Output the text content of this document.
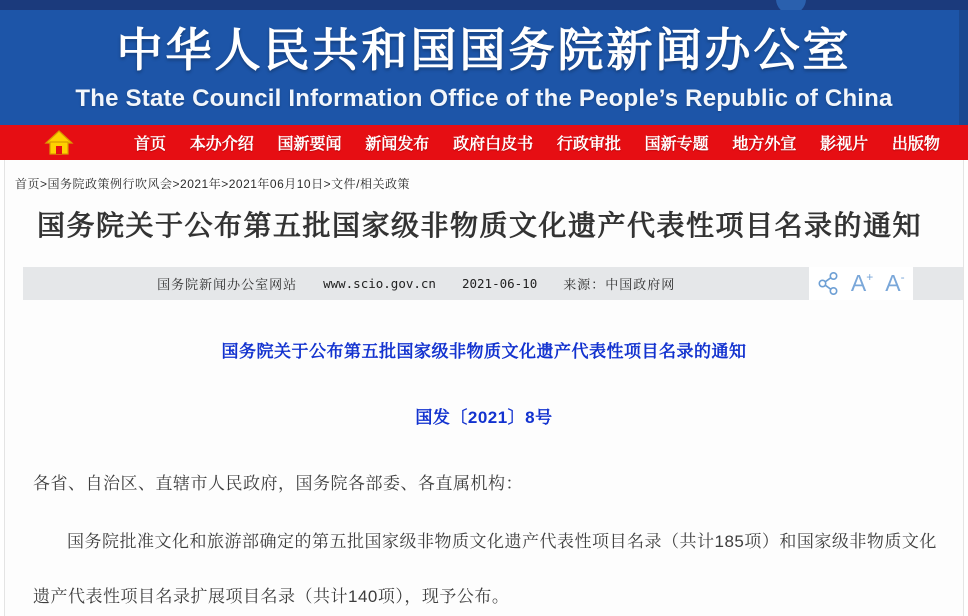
中华人民共和国国务院新闻办公室
The State Council Information Office of the People’s Republic of China
首页 本办介绍 国新要闻 新闻发布 政府白皮书 行政审批 国新专题 地方外宣 影视片 出版物
首页>国务院政策例行吹风会>2021年>2021年06月10日>文件/相关政策
国务院关于公布第五批国家级非物质文化遗产代表性项目名录的通知
国务院新闻办公室网站 www.scio.gov.cn 2021-06-10 来源：中国政府网	A+ A-
国务院关于公布第五批国家级非物质文化遗产代表性项目名录的通知
国发〔2021〕8号

各省、自治区、直辖市人民政府，国务院各部委、各直属机构：

国务院批准文化和旅游部确定的第五批国家级非物质文化遗产代表性项目名录（共计185项）和国家级非物质文化遗产代表性项目名录扩展项目名录（共计140项），现予公布。
